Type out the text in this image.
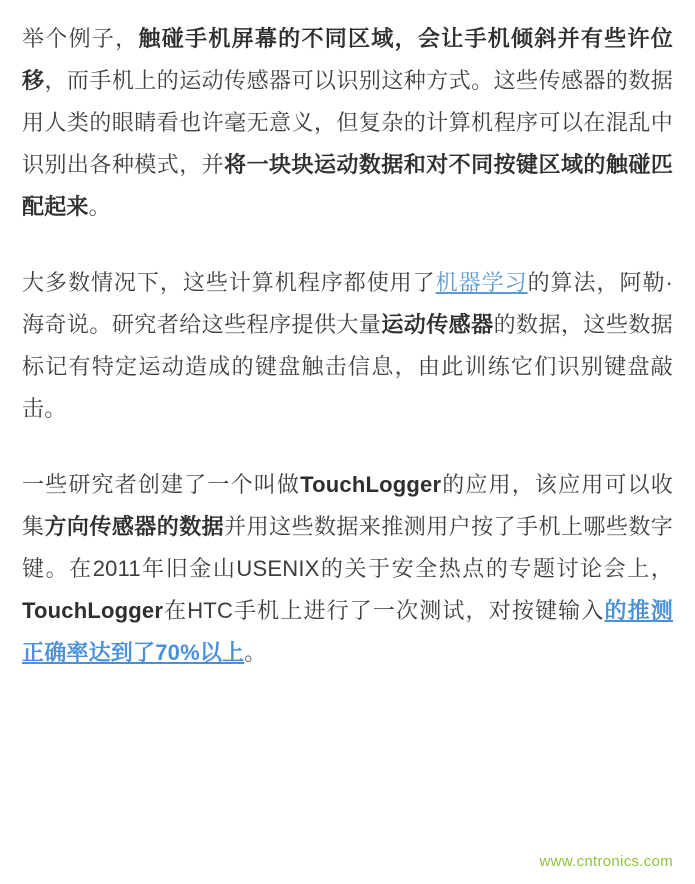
举个例子，触碰手机屏幕的不同区域，会让手机倾斜并有些许位移，而手机上的运动传感器可以识别这种方式。这些传感器的数据用人类的眼睛看也许毫无意义，但复杂的计算机程序可以在混乱中识别出各种模式，并将一块块运动数据和对不同按键区域的触碰匹配起来。

大多数情况下，这些计算机程序都使用了机器学习的算法，阿勒·海奇说。研究者给这些程序提供大量运动传感器的数据，这些数据标记有特定运动造成的键盘触击信息，由此训练它们识别键盘敲击。

一些研究者创建了一个叫做TouchLogger的应用，该应用可以收集方向传感器的数据并用这些数据来推测用户按了手机上哪些数字键。在2011年旧金山USENIX的关于安全热点的专题讨论会上，TouchLogger在HTC手机上进行了一次测试，对按键输入的推测正确率达到了70%以上。

www.cntronics.com
